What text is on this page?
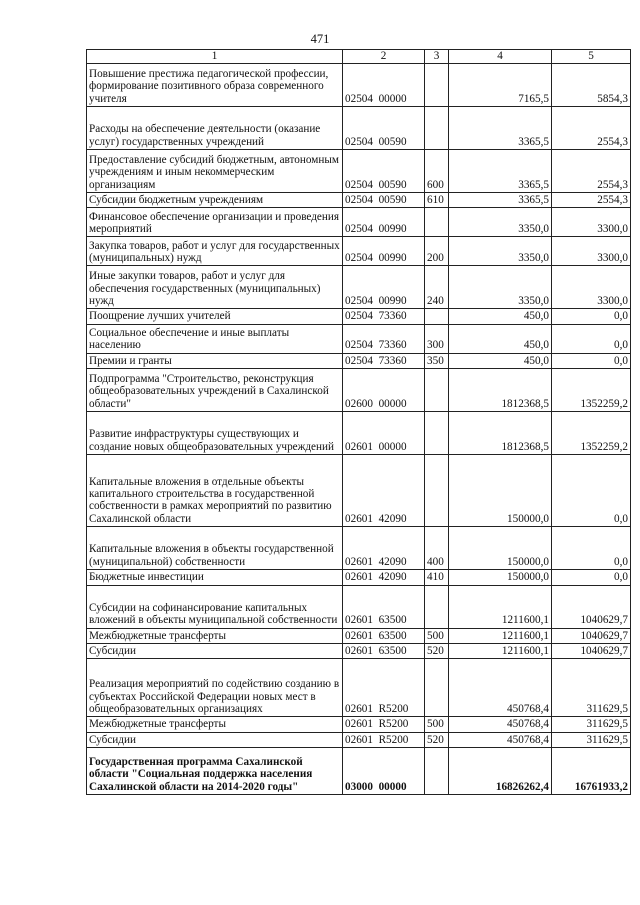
471
1	2	3	4	5
Повышение престижа педагогической профессии, формирование позитивного образа современного учителя	02504  00000		7165,5	5854,3
Расходы на обеспечение деятельности (оказание услуг) государственных учреждений	02504  00590		3365,5	2554,3
Предоставление субсидий бюджетным, автономным учреждениям и иным некоммерческим организациям	02504  00590	600	3365,5	2554,3
Субсидии бюджетным учреждениям	02504  00590	610	3365,5	2554,3
Финансовое обеспечение организации и проведения мероприятий	02504  00990		3350,0	3300,0
Закупка товаров, работ и услуг для государственных (муниципальных) нужд	02504  00990	200	3350,0	3300,0
Иные закупки товаров, работ и услуг для обеспечения государственных (муниципальных) нужд	02504  00990	240	3350,0	3300,0
Поощрение лучших учителей	02504  73360		450,0	0,0
Социальное обеспечение и иные выплаты населению	02504  73360	300	450,0	0,0
Премии и гранты	02504  73360	350	450,0	0,0
Подпрограмма "Строительство, реконструкция общеобразовательных учреждений в Сахалинской области"	02600  00000		1812368,5	1352259,2
Развитие инфраструктуры существующих и создание новых общеобразовательных учреждений	02601  00000		1812368,5	1352259,2
Капитальные вложения в отдельные объекты капитального строительства в государственной собственности в рамках мероприятий по развитию Сахалинской области	02601  42090		150000,0	0,0
Капитальные вложения в объекты государственной (муниципальной) собственности	02601  42090	400	150000,0	0,0
Бюджетные инвестиции	02601  42090	410	150000,0	0,0
Субсидии на софинансирование капитальных вложений в объекты муниципальной собственности	02601  63500		1211600,1	1040629,7
Межбюджетные трансферты	02601  63500	500	1211600,1	1040629,7
Субсидии	02601  63500	520	1211600,1	1040629,7
Реализация мероприятий по содействию созданию в субъектах Российской Федерации новых мест в общеобразовательных организациях	02601  R5200		450768,4	311629,5
Межбюджетные трансферты	02601  R5200	500	450768,4	311629,5
Субсидии	02601  R5200	520	450768,4	311629,5
Государственная программа Сахалинской области "Социальная поддержка населения Сахалинской области на 2014-2020 годы"	03000  00000		16826262,4	16761933,2
